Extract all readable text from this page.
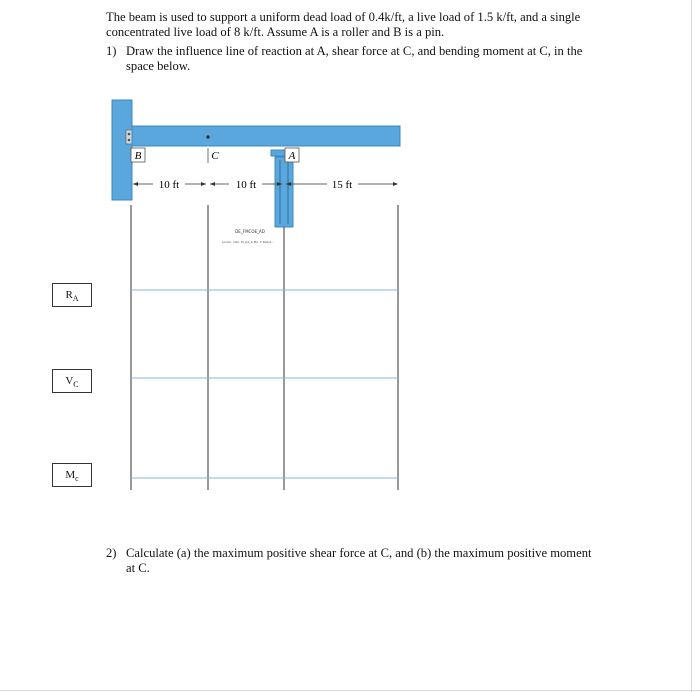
The beam is used to support a uniform dead load of 0.4k/ft, a live load of 1.5 k/ft, and a single concentrated live load of 8 k/ft. Assume A is a roller and B is a pin.
1) Draw the influence line of reaction at A, shear force at C, and bending moment at C, in the space below.
B	C	A
10 ft	10 ft	15 ft
DE_FMCOE_AD
Lorem. Udk, M_wa_b Mn, F Rakyt...
$R_A$
$V_C$
$M_c$
2) Calculate (a) the maximum positive shear force at C, and (b) the maximum positive moment at C.
